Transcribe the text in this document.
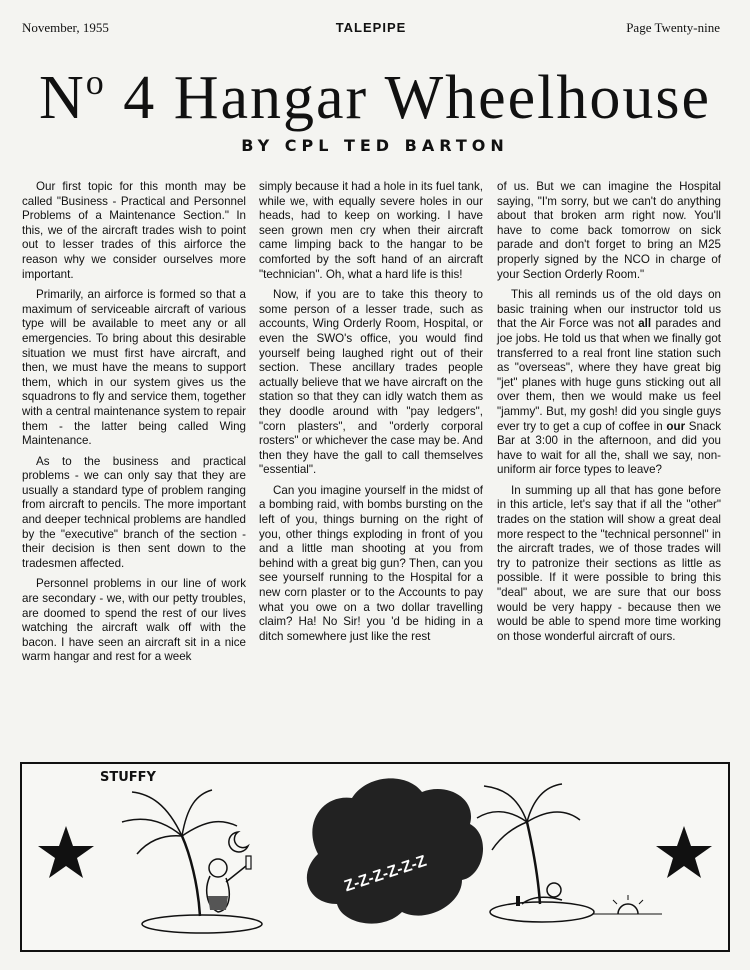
November, 1955	TALEPIPE	Page Twenty-nine
$N^o$ 4 Hangar Wheelhouse
BY CPL TED BARTON

Our first topic for this month may be called "Business - Practical and Personnel Problems of a Maintenance Section." In this, we of the aircraft trades wish to point out to lesser trades of this airforce the reason why we consider ourselves more important.

Primarily, an airforce is formed so that a maximum of serviceable aircraft of various type will be available to meet any or all emergencies. To bring about this desirable situation we must first have aircraft, and then, we must have the means to support them, which in our system gives us the squadrons to fly and service them, together with a central maintenance system to repair them - the latter being called Wing Maintenance.

As to the business and practical problems - we can only say that they are usually a standard type of problem ranging from aircraft to pencils. The more important and deeper technical problems are handled by the "executive" branch of the section - their decision is then sent down to the tradesmen affected.

Personnel problems in our line of work are secondary - we, with our petty troubles, are doomed to spend the rest of our lives watching the aircraft walk off with the bacon. I have seen an aircraft sit in a nice warm hangar and rest for a week

simply because it had a hole in its fuel tank, while we, with equally severe holes in our heads, had to keep on working. I have seen grown men cry when their aircraft came limping back to the hangar to be comforted by the soft hand of an aircraft "technician". Oh, what a hard life is this!

Now, if you are to take this theory to some person of a lesser trade, such as accounts, Wing Orderly Room, Hospital, or even the SWO's office, you would find yourself being laughed right out of their section. These ancillary trades people actually believe that we have aircraft on the station so that they can idly watch them as they doodle around with "pay ledgers", "corn plasters", and "orderly corporal rosters" or whichever the case may be. And then they have the gall to call themselves "essential".

Can you imagine yourself in the midst of a bombing raid, with bombs bursting on the left of you, things burning on the right of you, other things exploding in front of you and a little man shooting at you from behind with a great big gun? Then, can you see yourself running to the Hospital for a new corn plaster or to the Accounts to pay what you owe on a two dollar travelling claim? Ha! No Sir! you 'd be hiding in a ditch somewhere just like the rest

of us. But we can imagine the Hospital saying, "I'm sorry, but we can't do anything about that broken arm right now. You'll have to come back tomorrow on sick parade and don't forget to bring an M25 properly signed by the NCO in charge of your Section Orderly Room."

This all reminds us of the old days on basic training when our instructor told us that the Air Force was not all parades and joe jobs. He told us that when we finally got transferred to a real front line station such as "overseas", where they have great big "jet" planes with huge guns sticking out all over them, then we would make us feel "jammy". But, my gosh! did you single guys ever try to get a cup of coffee in our Snack Bar at 3:00 in the afternoon, and did you have to wait for all the, shall we say, non-uniform air force types to leave?

In summing up all that has gone before in this article, let's say that if all the "other" trades on the station will show a great deal more respect to the "technical personnel" in the aircraft trades, we of those trades will try to patronize their sections as little as possible. If it were possible to bring this "deal" about, we are sure that our boss would be very happy - because then we would be able to spend more time working on those wonderful aircraft of ours.

STUFFY
Z-Z-Z-Z-Z-Z
